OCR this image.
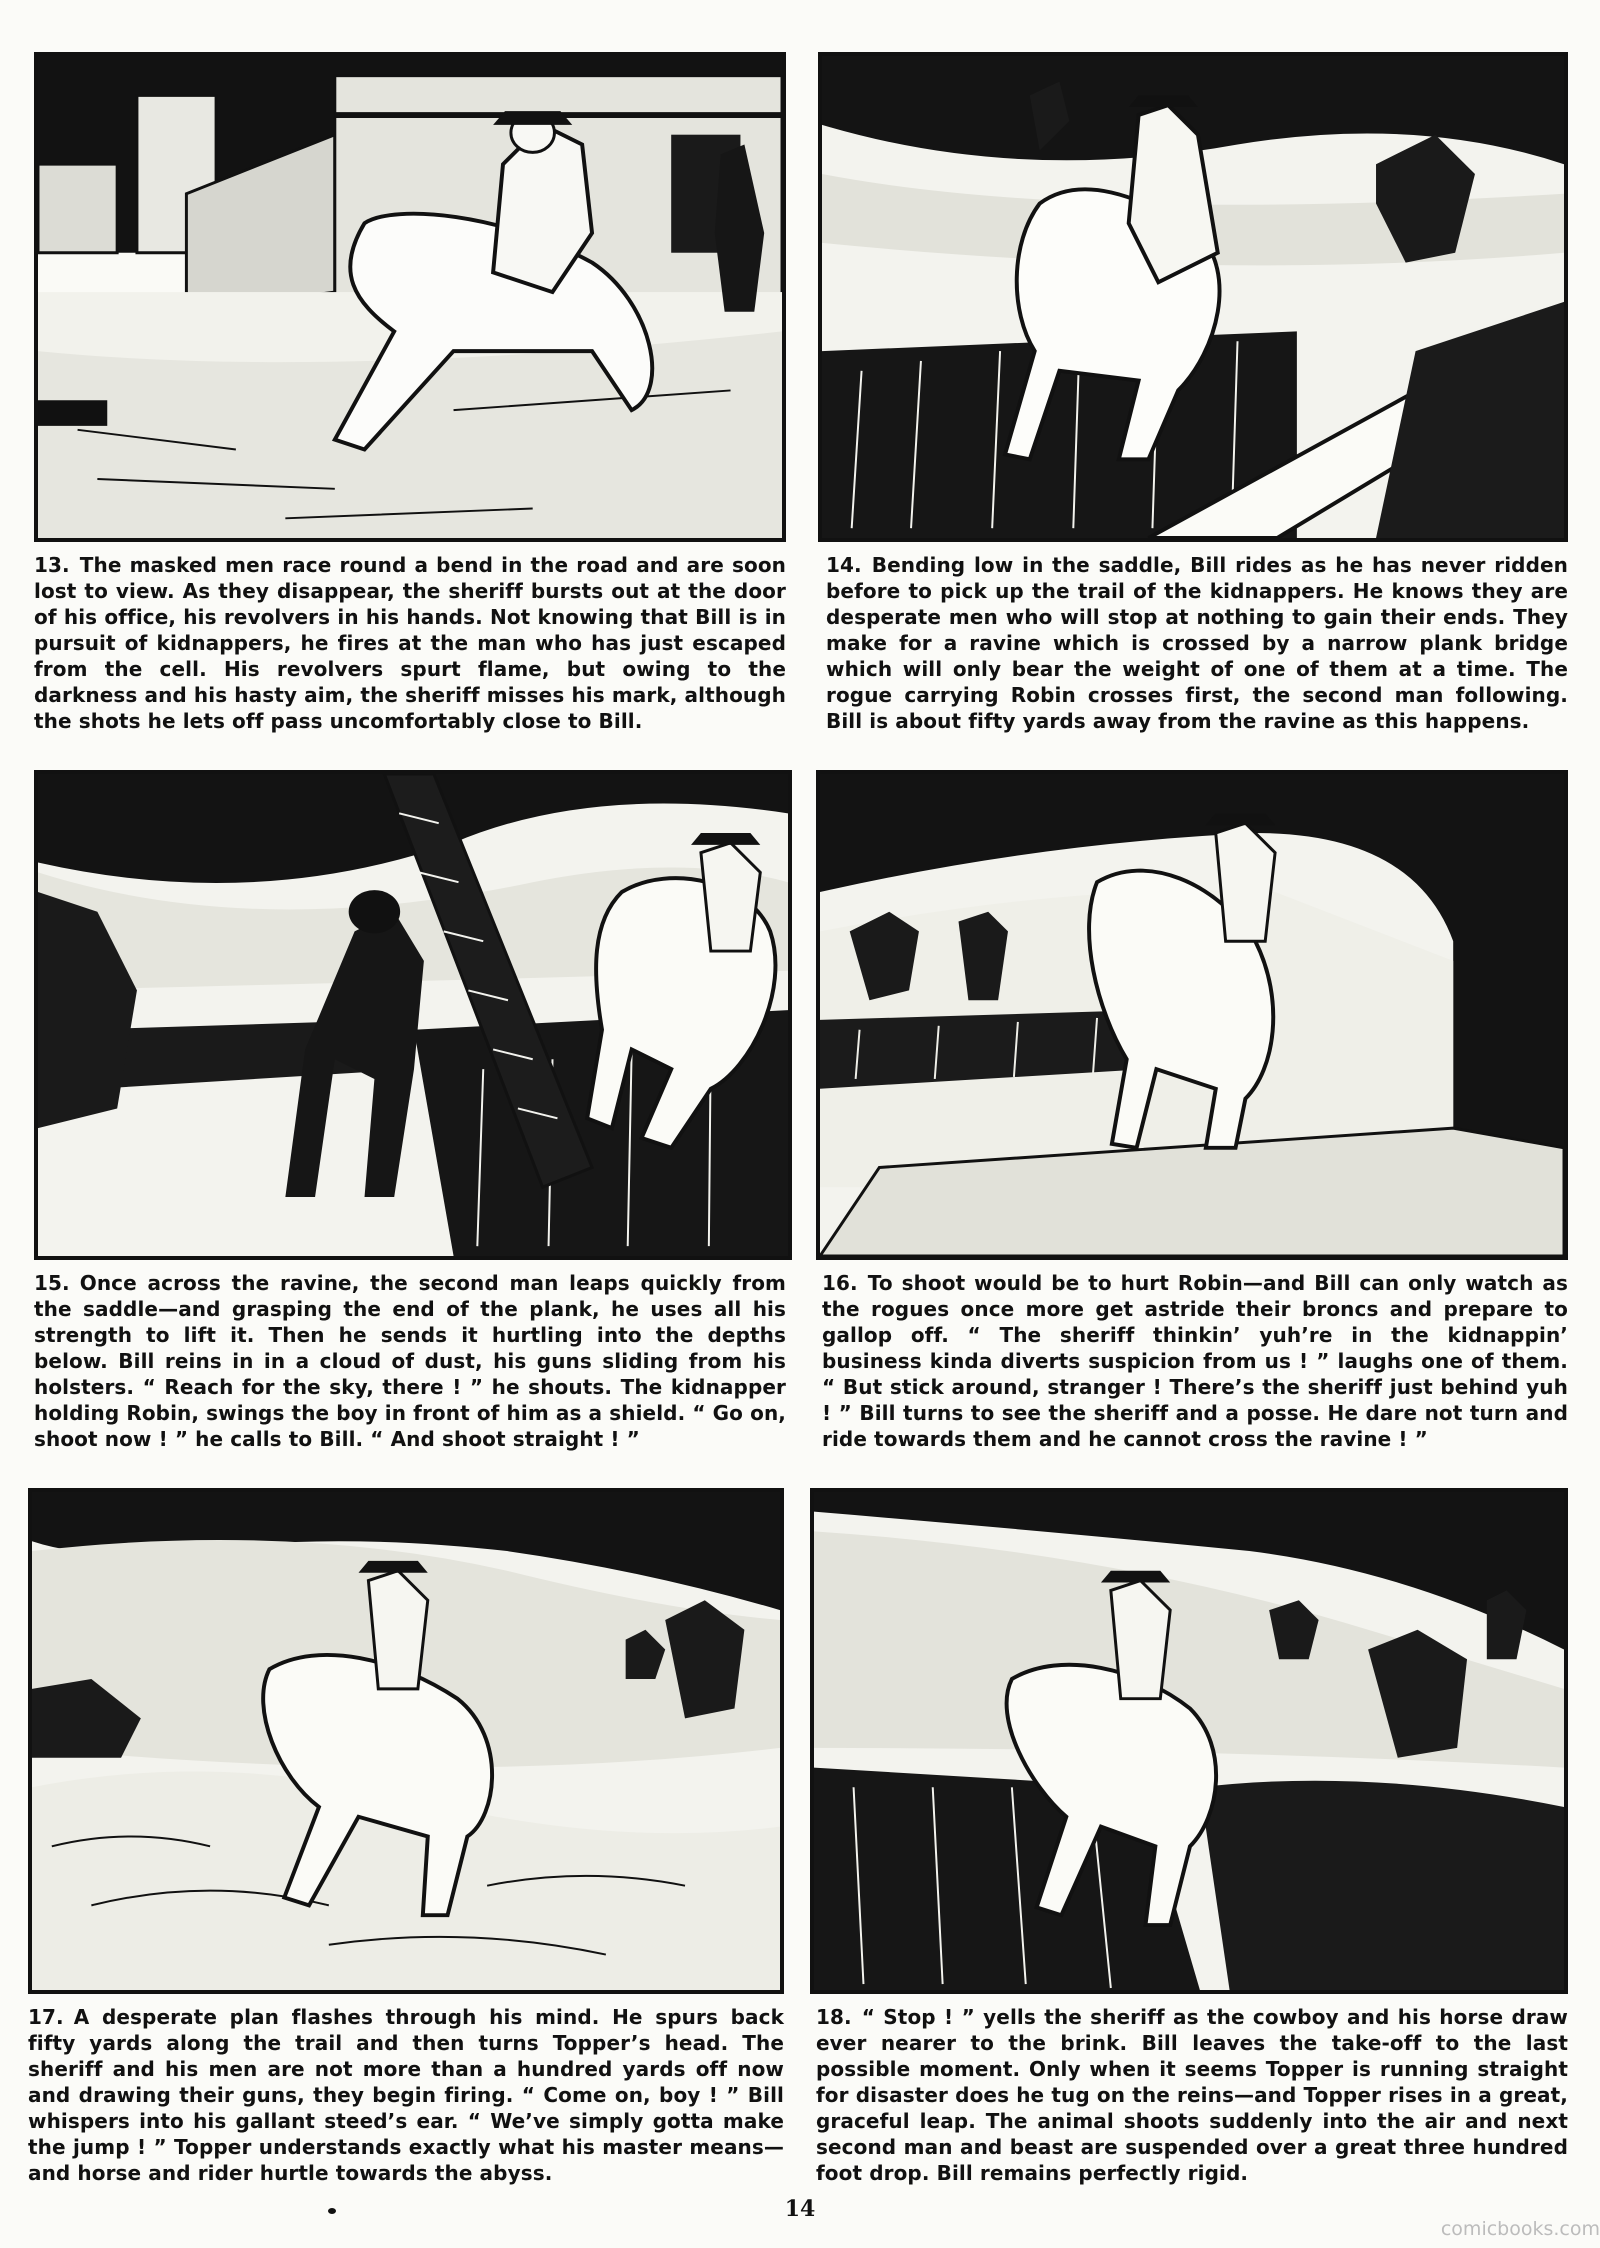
13. The masked men race round a bend in the road and are soon lost to view. As they disappear, the sheriff bursts out at the door of his office, his revolvers in his hands. Not knowing that Bill is in pursuit of kidnappers, he fires at the man who has just escaped from the cell. His revolvers spurt flame, but owing to the darkness and his hasty aim, the sheriff misses his mark, although the shots he lets off pass uncomfortably close to Bill.
14. Bending low in the saddle, Bill rides as he has never ridden before to pick up the trail of the kidnappers. He knows they are desperate men who will stop at nothing to gain their ends. They make for a ravine which is crossed by a narrow plank bridge which will only bear the weight of one of them at a time. The rogue carrying Robin crosses first, the second man following. Bill is about fifty yards away from the ravine as this happens.
15. Once across the ravine, the second man leaps quickly from the saddle—and grasping the end of the plank, he uses all his strength to lift it. Then he sends it hurtling into the depths below. Bill reins in in a cloud of dust, his guns sliding from his holsters. “ Reach for the sky, there ! ” he shouts. The kidnapper holding Robin, swings the boy in front of him as a shield. “ Go on, shoot now ! ” he calls to Bill. “ And shoot straight ! ”
16. To shoot would be to hurt Robin—and Bill can only watch as the rogues once more get astride their broncs and prepare to gallop off. “ The sheriff thinkin’ yuh’re in the kidnappin’ business kinda diverts suspicion from us ! ” laughs one of them. “ But stick around, stranger ! There’s the sheriff just behind yuh ! ” Bill turns to see the sheriff and a posse. He dare not turn and ride towards them and he cannot cross the ravine ! ”
17. A desperate plan flashes through his mind. He spurs back fifty yards along the trail and then turns Topper’s head. The sheriff and his men are not more than a hundred yards off now and drawing their guns, they begin firing. “ Come on, boy ! ” Bill whispers into his gallant steed’s ear. “ We’ve simply gotta make the jump ! ” Topper understands exactly what his master means—and horse and rider hurtle towards the abyss.
18. “ Stop ! ” yells the sheriff as the cowboy and his horse draw ever nearer to the brink. Bill leaves the take-off to the last possible moment. Only when it seems Topper is running straight for disaster does he tug on the reins—and Topper rises in a great, graceful leap. The animal shoots suddenly into the air and next second man and beast are suspended over a great three hundred foot drop. Bill remains perfectly rigid.
14
comicbooks.com
